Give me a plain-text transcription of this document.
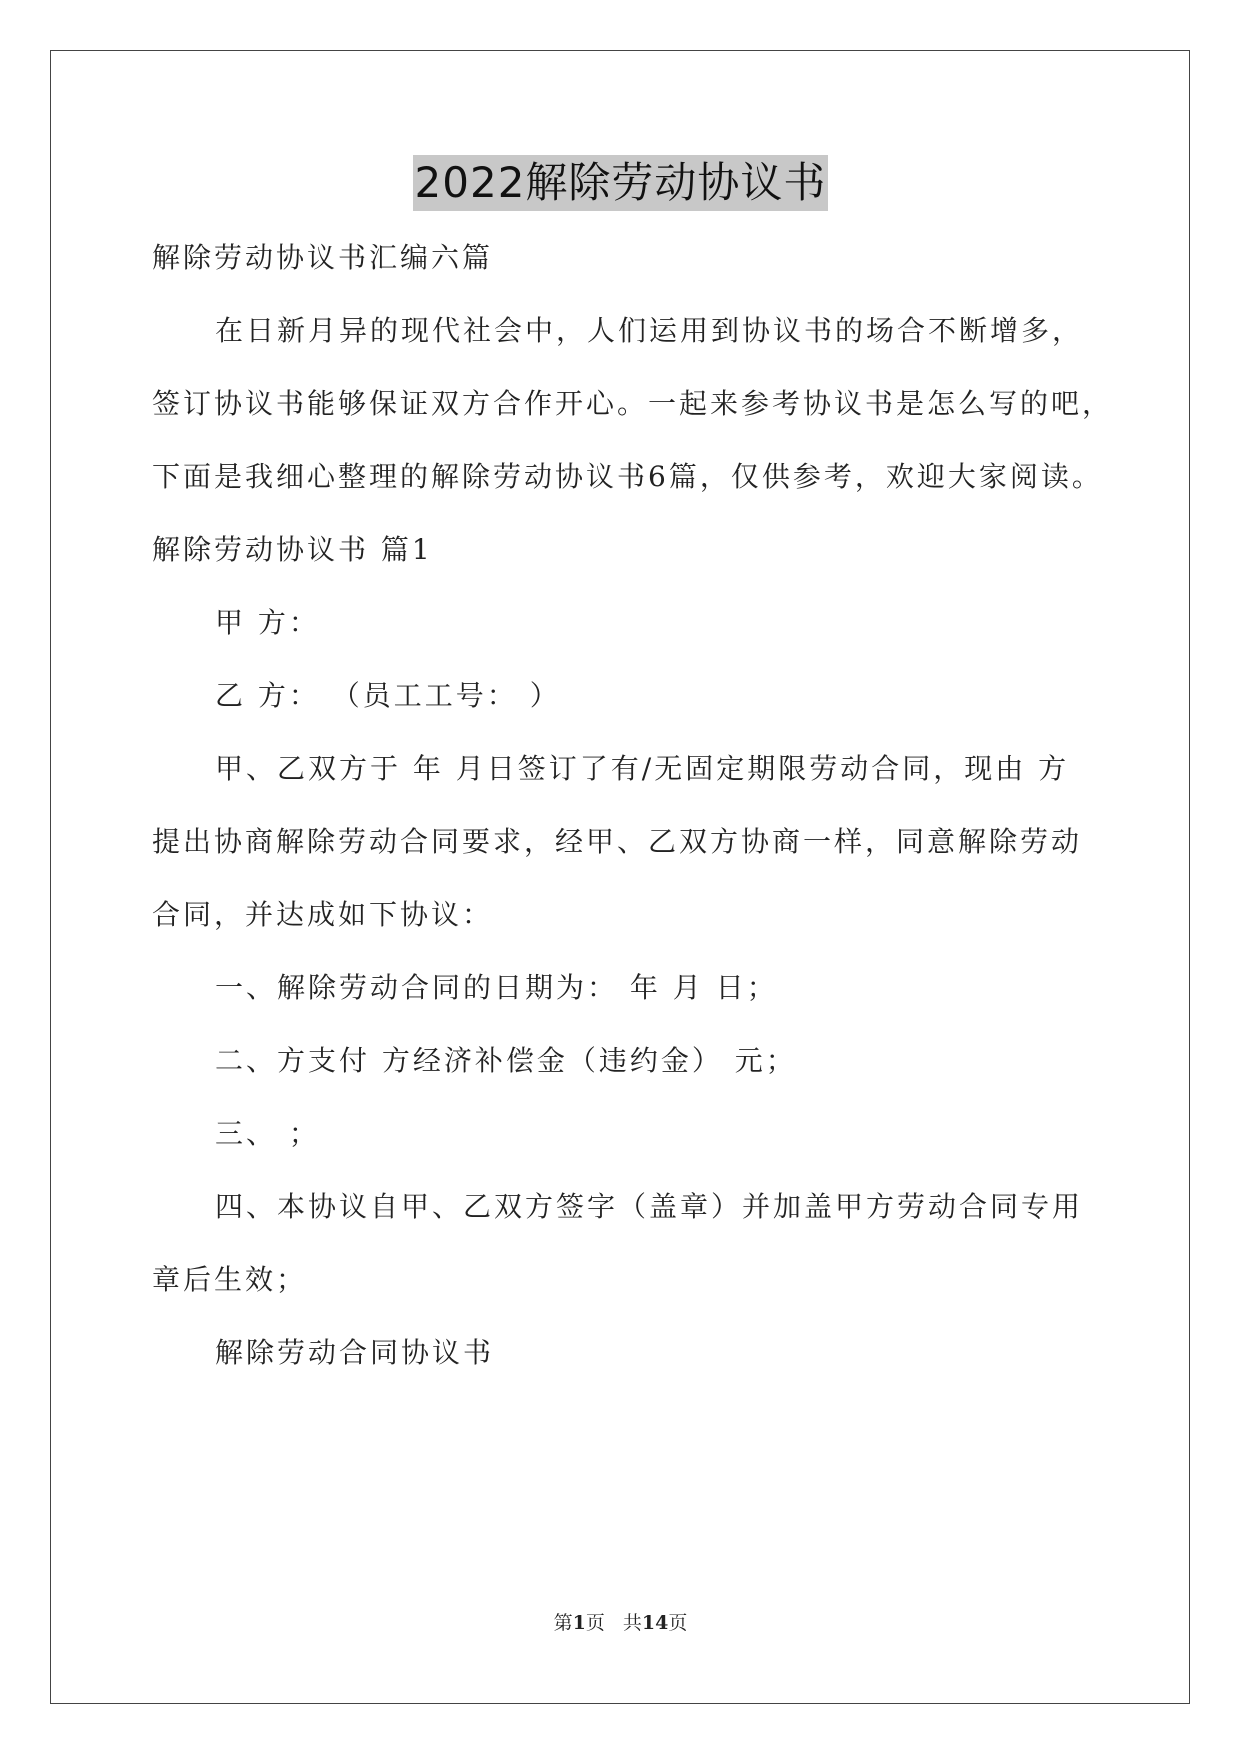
2022解除劳动协议书
解除劳动协议书汇编六篇
在日新月异的现代社会中，人们运用到协议书的场合不断增多，
签订协议书能够保证双方合作开心。一起来参考协议书是怎么写的吧，
下面是我细心整理的解除劳动协议书6篇，仅供参考，欢迎大家阅读。
解除劳动协议书 篇1
甲 方：
乙 方： （员工工号： ）
甲、乙双方于 年 月日签订了有/无固定期限劳动合同，现由 方
提出协商解除劳动合同要求，经甲、乙双方协商一样，同意解除劳动
合同，并达成如下协议：
一、解除劳动合同的日期为： 年 月 日；
二、方支付 方经济补偿金（违约金） 元；
三、 ；
四、本协议自甲、乙双方签字（盖章）并加盖甲方劳动合同专用
章后生效；
解除劳动合同协议书
第1页 共14页
